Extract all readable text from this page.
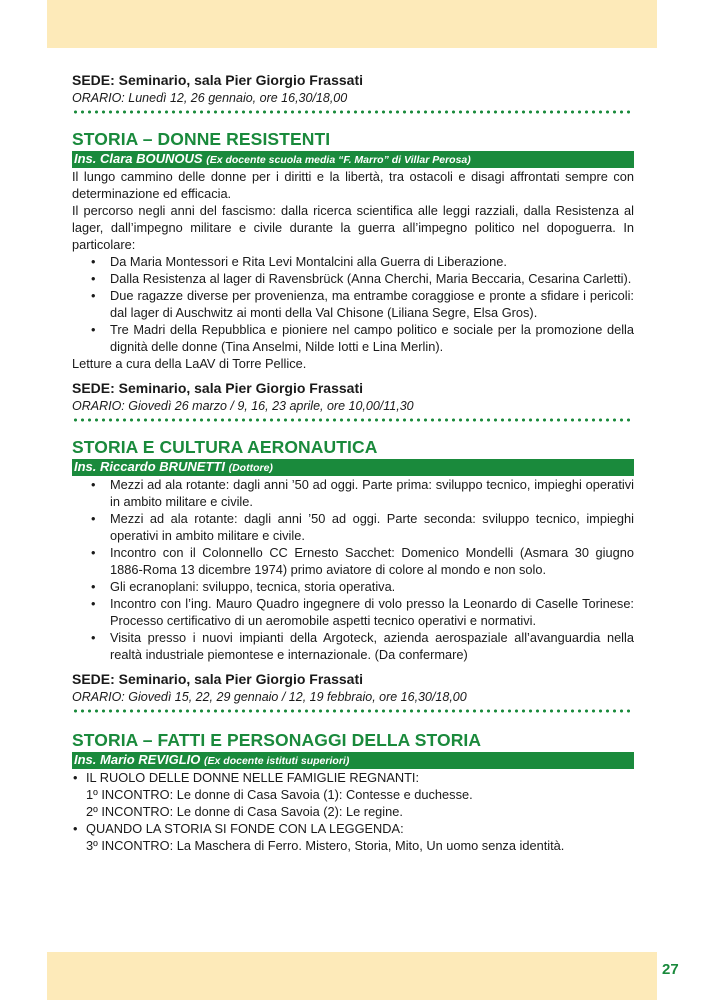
SEDE: Seminario, sala Pier Giorgio Frassati
ORARIO: Lunedì 12, 26 gennaio, ore 16,30/18,00
STORIA – DONNE RESISTENTI
Ins. Clara BOUNOUS (Ex docente scuola media “F. Marro” di Villar Perosa)

Il lungo cammino delle donne per i diritti e la libertà, tra ostacoli e disagi affrontati sempre con determinazione ed efficacia.

Il percorso negli anni del fascismo: dalla ricerca scientifica alle leggi razziali, dalla Resistenza al lager, dall’impegno militare e civile durante la guerra all’impegno politico nel dopoguerra. In particolare:

• Da Maria Montessori e Rita Levi Montalcini alla Guerra di Liberazione.
• Dalla Resistenza al lager di Ravensbrück (Anna Cherchi, Maria Beccaria, Cesarina Carletti).
• Due ragazze diverse per provenienza, ma entrambe coraggiose e pronte a sfidare i pericoli: dal lager di Auschwitz ai monti della Val Chisone (Liliana Segre, Elsa Gros).
• Tre Madri della Repubblica e pioniere nel campo politico e sociale per la promozione della dignità delle donne (Tina Anselmi, Nilde Iotti e Lina Merlin).

Letture a cura della LaAV di Torre Pellice.

SEDE: Seminario, sala Pier Giorgio Frassati
ORARIO: Giovedì 26 marzo / 9, 16, 23 aprile, ore 10,00/11,30
STORIA E CULTURA AERONAUTICA
Ins. Riccardo BRUNETTI (Dottore)
• Mezzi ad ala rotante: dagli anni ’50 ad oggi. Parte prima: sviluppo tecnico, impieghi operativi in ambito militare e civile.
• Mezzi ad ala rotante: dagli anni ’50 ad oggi. Parte seconda: sviluppo tecnico, impieghi operativi in ambito militare e civile.
• Incontro con il Colonnello CC Ernesto Sacchet: Domenico Mondelli (Asmara 30 giugno 1886-Roma 13 dicembre 1974) primo aviatore di colore al mondo e non solo.
• Gli ecranoplani: sviluppo, tecnica, storia operativa.
• Incontro con l’ing. Mauro Quadro ingegnere di volo presso la Leonardo di Caselle Torinese: Processo certificativo di un aeromobile aspetti tecnico operativi e normativi.
• Visita presso i nuovi impianti della Argoteck, azienda aerospaziale all’avanguardia nella realtà industriale piemontese e internazionale. (Da confermare)
SEDE: Seminario, sala Pier Giorgio Frassati
ORARIO: Giovedì 15, 22, 29 gennaio / 12, 19 febbraio, ore 16,30/18,00
STORIA – FATTI E PERSONAGGI DELLA STORIA
Ins. Mario REVIGLIO (Ex docente istituti superiori)
• IL RUOLO DELLE DONNE NELLE FAMIGLIE REGNANTI:
1º INCONTRO: Le donne di Casa Savoia (1): Contesse e duchesse.
2º INCONTRO: Le donne di Casa Savoia (2): Le regine.
• QUANDO LA STORIA SI FONDE CON LA LEGGENDA:
3º INCONTRO: La Maschera di Ferro. Mistero, Storia, Mito, Un uomo senza identità.
27
